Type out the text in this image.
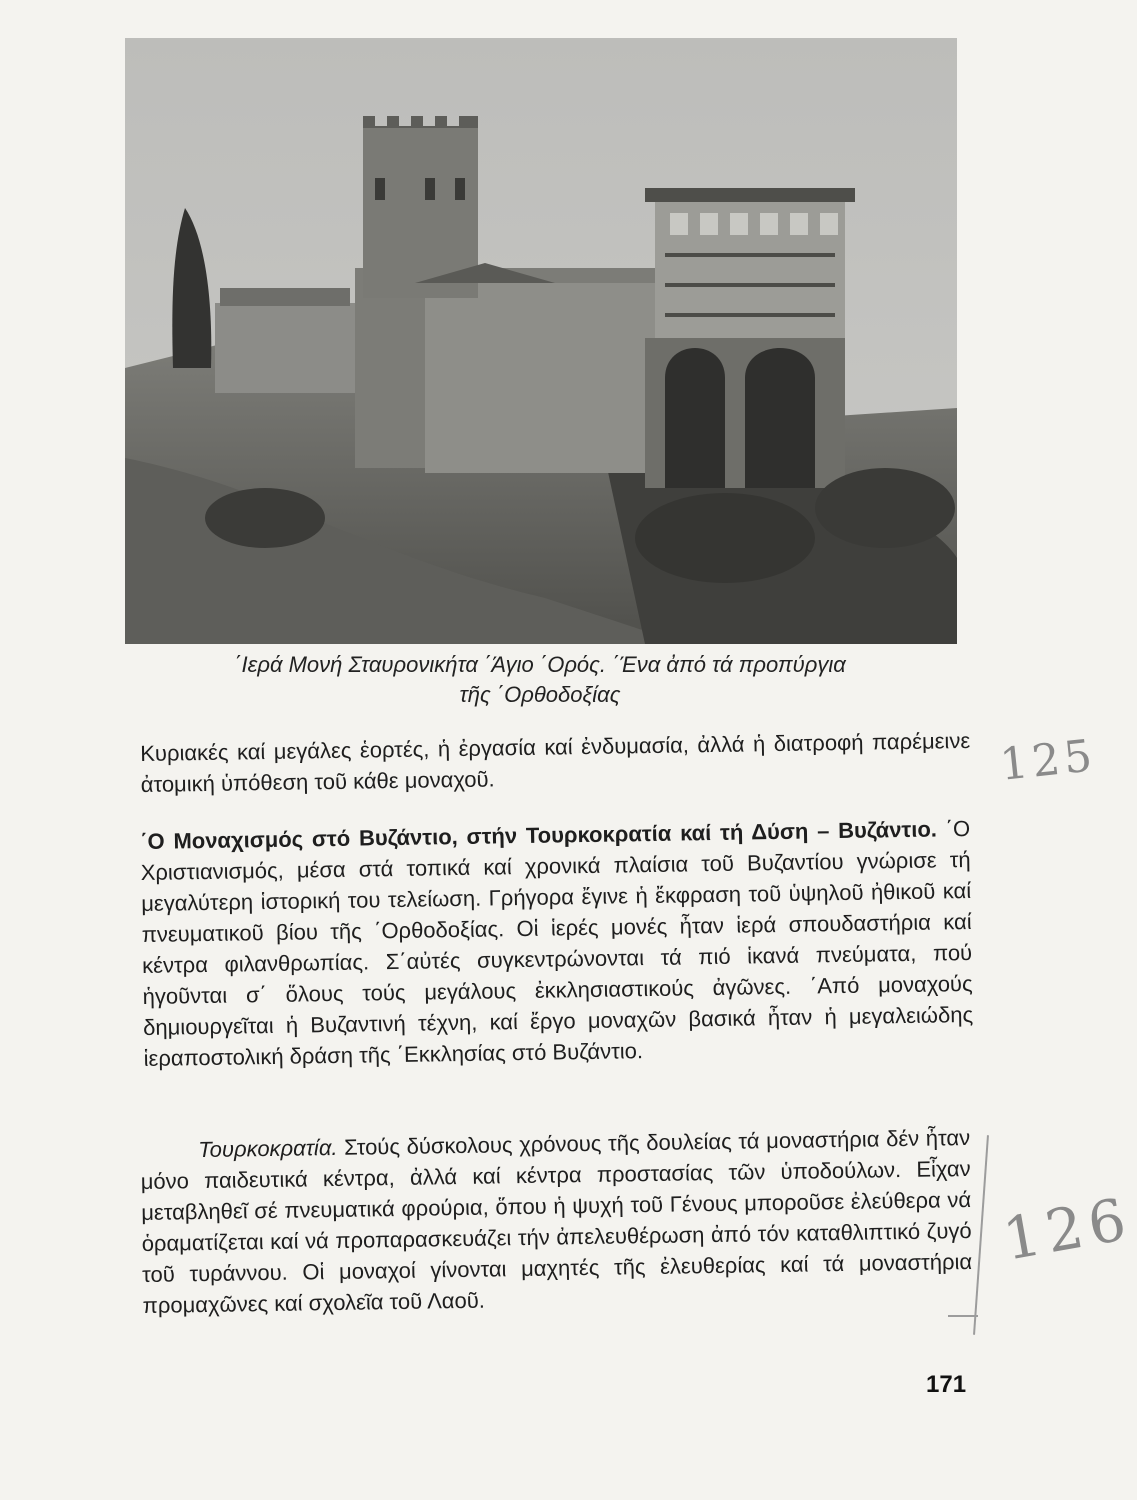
΄Ιερά Μονή Σταυρονικήτα ΄Άγιο ΄Ορός. ΄Ένα ἀπό τά προπύργια
τῆς ΄Ορθοδοξίας
Κυριακές καί μεγάλες ἑορτές, ἡ ἐργασία καί ἐνδυμασία, ἀλλά ἡ διατροφή παρέμεινε ἀτομική ὑπόθεση τοῦ κάθε μοναχοῦ.
΄Ο Μοναχισμός στό Βυζάντιο, στήν Τουρκοκρατία καί τή Δύση – Βυζάντιο. ΄Ο Χριστιανισμός, μέσα στά τοπικά καί χρονικά πλαίσια τοῦ Βυζαντίου γνώρισε τή μεγαλύτερη ἱστορική του τελείωση. Γρήγορα ἔγινε ἡ ἔκφραση τοῦ ὑψηλοῦ ἠθικοῦ καί πνευματικοῦ βίου τῆς ΄Ορθοδοξίας. Οἱ ἱερές μονές ἦταν ἱερά σπουδαστήρια καί κέντρα φιλανθρωπίας. Σ΄αὐτές συγκεντρώνονται τά πιό ἱκανά πνεύματα, πού ἡγοῦνται σ΄ ὅλους τούς μεγάλους ἐκκλησιαστικούς ἀγῶνες. ΄Από μοναχούς δημιουργεῖται ἡ Βυζαντινή τέχνη, καί ἔργο μοναχῶν βασικά ἦταν ἡ μεγαλειώδης ἱεραποστολική δράση τῆς ΄Εκκλησίας στό Βυζάντιο.
Τουρκοκρατία. Στούς δύσκολους χρόνους τῆς δουλείας τά μοναστήρια δέν ἦταν μόνο παιδευτικά κέντρα, ἀλλά καί κέντρα προστασίας τῶν ὑποδούλων. Εἶχαν μεταβληθεῖ σέ πνευματικά φρούρια, ὅπου ἡ ψυχή τοῦ Γένους μποροῦσε ἐλεύθερα νά ὁραματίζεται καί νά προπαρασκευάζει τήν ἀπελευθέρωση ἀπό τόν καταθλιπτικό ζυγό τοῦ τυράννου. Οἱ μοναχοί γίνονται μαχητές τῆς ἐλευθερίας καί τά μοναστήρια προμαχῶνες καί σχολεῖα τοῦ Λαοῦ.
125
126
171
